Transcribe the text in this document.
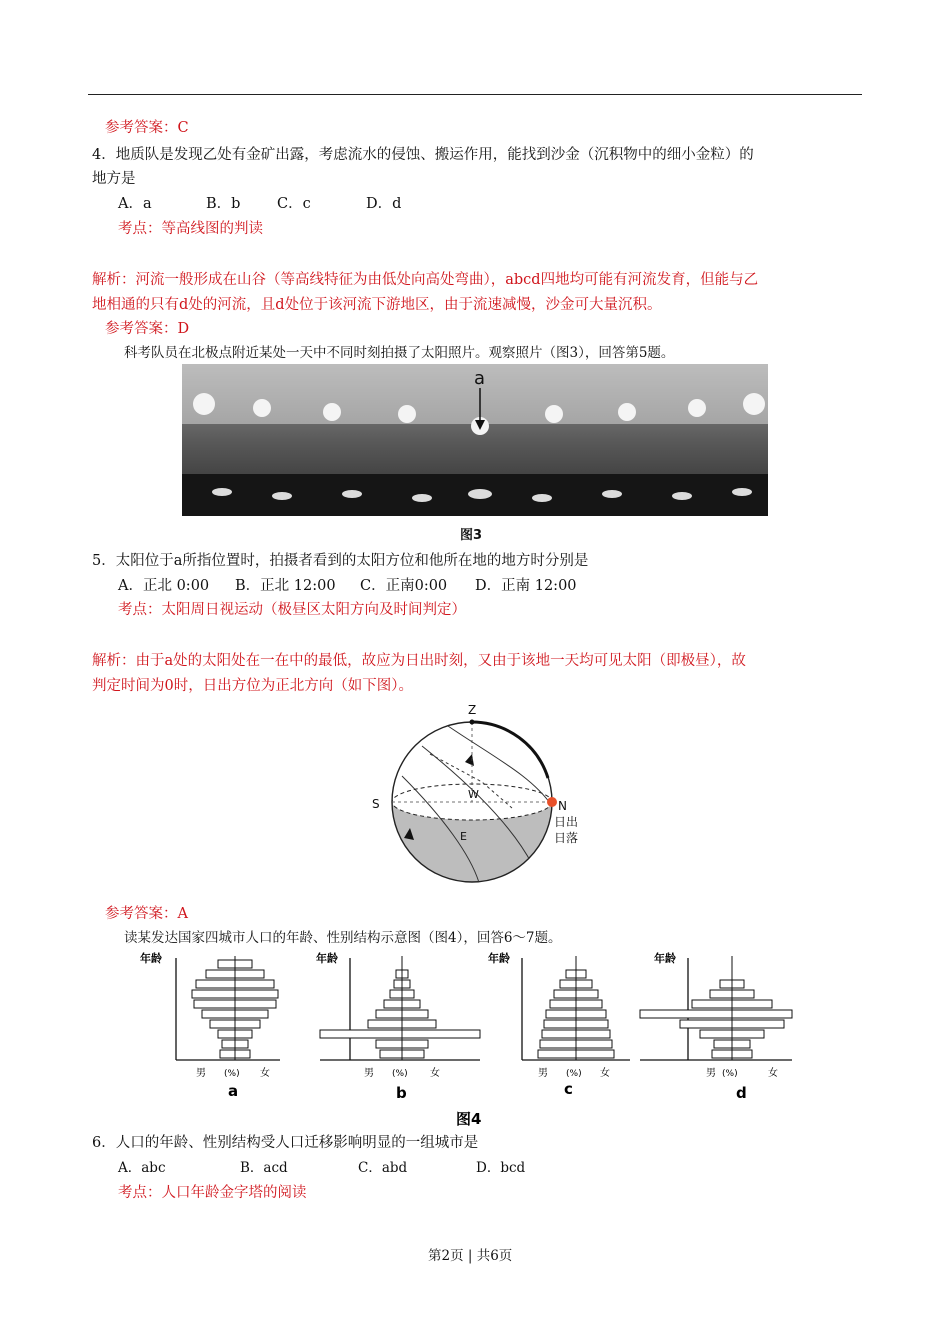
参考答案：C
4．地质队是发现乙处有金矿出露，考虑流水的侵蚀、搬运作用，能找到沙金（沉积物中的细小金粒）的
地方是
A．a	B．b	C．c	D．d
考点：等高线图的判读
解析：河流一般形成在山谷（等高线特征为由低处向高处弯曲），abcd四地均可能有河流发育，但能与乙
地相通的只有d处的河流，且d处位于该河流下游地区，由于流速减慢，沙金可大量沉积。
参考答案：D
科考队员在北极点附近某处一天中不同时刻拍摄了太阳照片。观察照片（图3），回答第5题。
a
图3
5．太阳位于a所指位置时，拍摄者看到的太阳方位和他所在地的地方时分别是
A．正北 0:00 B．正北 12:00 C．正南0:00 D．正南 12:00
考点：太阳周日视运动（极昼区太阳方向及时间判定）
解析：由于a处的太阳处在一在中的最低，故应为日出时刻，又由于该地一天均可见太阳（即极昼），故
判定时间为0时，日出方位为正北方向（如下图）。
Z
S	N
W
E
日出
日落
参考答案：A
读某发达国家四城市人口的年龄、性别结构示意图（图4），回答6～7题。
年龄
男 (%) 女
a
年龄
男 (%) 女
b
年龄
男 (%) 女
c
年龄
男 (%)	女
d
图4
6．人口的年龄、性别结构受人口迁移影响明显的一组城市是
A．abc	B．acd	C．abd	D．bcd
考点：人口年龄金字塔的阅读
第2页 | 共6页
